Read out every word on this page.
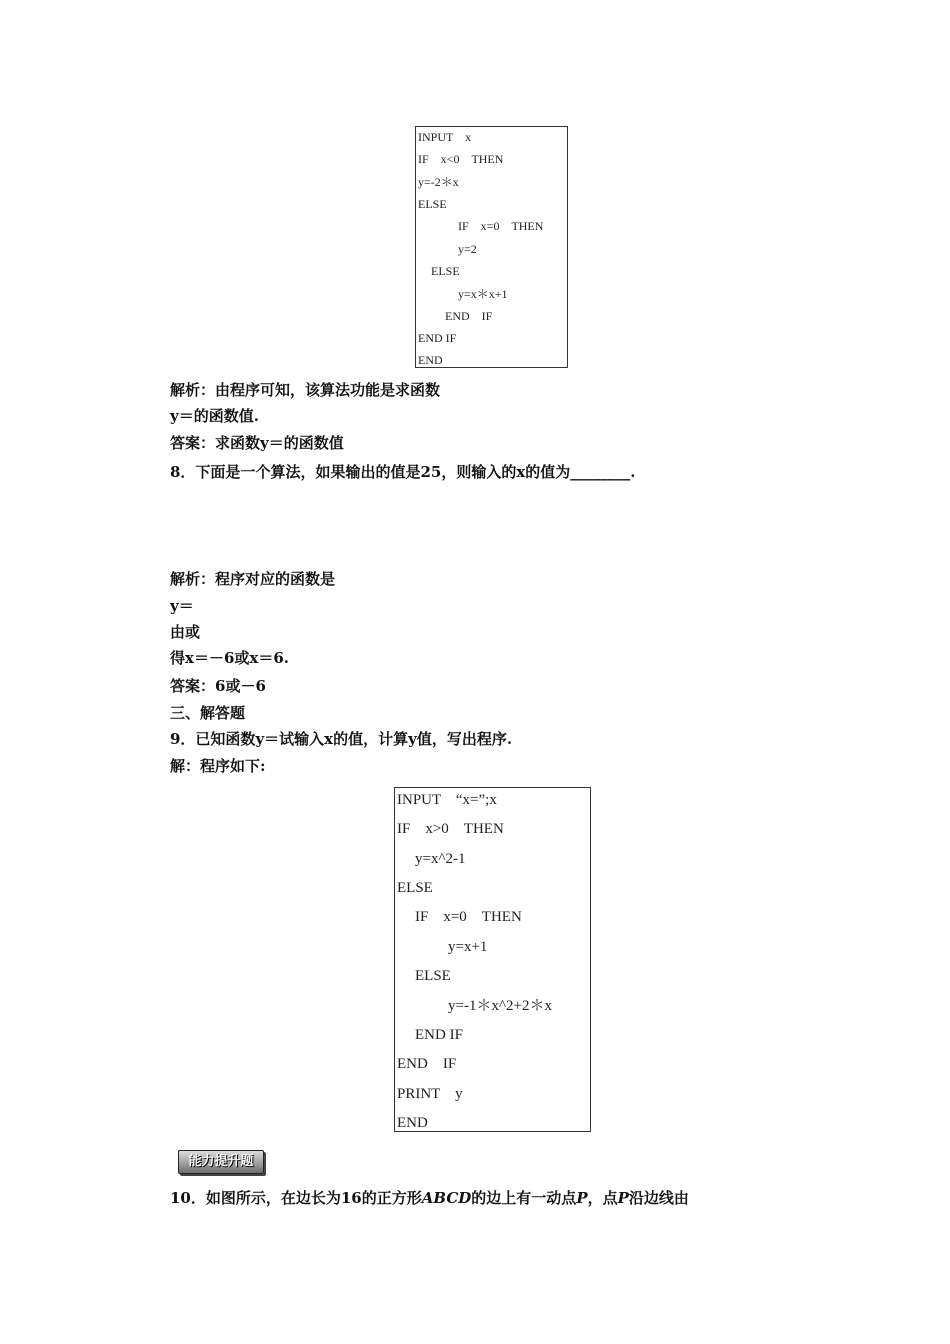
INPUT　x
IF　x<0　THEN
y=-2＊x
ELSE
IF　x=0　THEN
y=2
ELSE
y=x＊x+1
END　IF
END IF
END
解析：由程序可知，该算法功能是求函数
y＝的函数值.
答案：求函数y＝的函数值
8．下面是一个算法，如果输出的值是25，则输入的x的值为________.
解析：程序对应的函数是
y＝
由或
得x＝－6或x＝6.
答案：6或－6
三、解答题
9．已知函数y＝试输入x的值，计算y值，写出程序.
解：程序如下:
INPUT　“x=”;x
IF　x>0　THEN
y=x^2-1
ELSE
IF　x=0　THEN
y=x+1
ELSE
y=-1＊x^2+2＊x
END IF
END　IF
PRINT　y
END
能力提升题
10．如图所示，在边长为16的正方形ABCD的边上有一动点P，点P沿边线由
